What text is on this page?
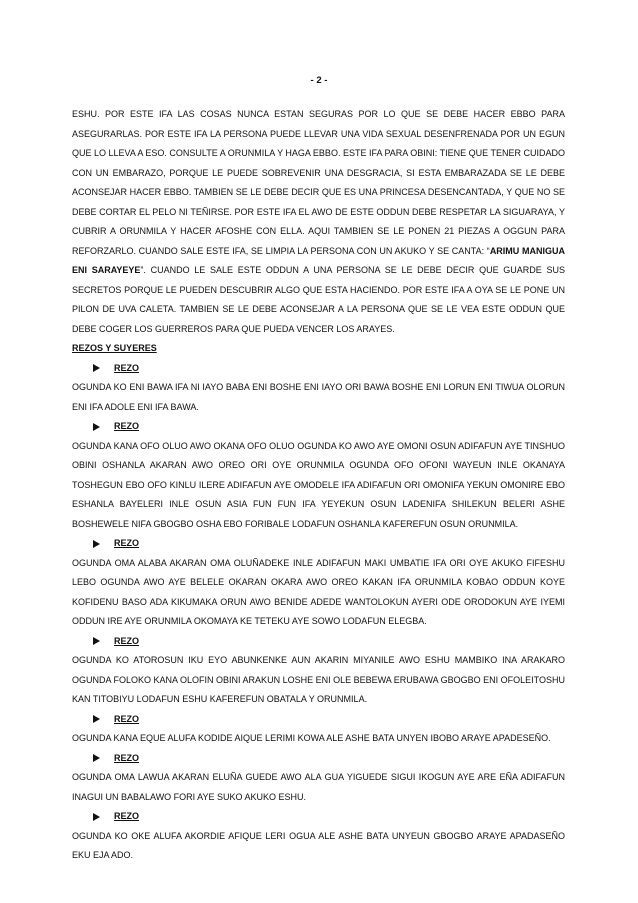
- 2 -

ESHU. POR ESTE IFA LAS COSAS NUNCA ESTAN SEGURAS POR LO QUE SE DEBE HACER EBBO PARA ASEGURARLAS. POR ESTE IFA LA PERSONA PUEDE LLEVAR UNA VIDA SEXUAL DESENFRENADA POR UN EGUN QUE LO LLEVA A ESO. CONSULTE A ORUNMILA Y HAGA EBBO. ESTE IFA PARA OBINI: TIENE QUE TENER CUIDADO CON UN EMBARAZO, PORQUE LE PUEDE SOBREVENIR UNA DESGRACIA, SI ESTA EMBARAZADA SE LE DEBE ACONSEJAR HACER EBBO. TAMBIEN SE LE DEBE DECIR QUE ES UNA PRINCESA DESENCANTADA, Y QUE NO SE DEBE CORTAR EL PELO NI TEÑIRSE. POR ESTE IFA EL AWO DE ESTE ODDUN DEBE RESPETAR LA SIGUARAYA, Y CUBRIR A ORUNMILA Y HACER AFOSHE CON ELLA. AQUI TAMBIEN SE LE PONEN 21 PIEZAS A OGGUN PARA REFORZARLO. CUANDO SALE ESTE IFA, SE LIMPIA LA PERSONA CON UN AKUKO Y SE CANTA: “ARIMU MANIGUA ENI SARAYEYE”. CUANDO LE SALE ESTE ODDUN A UNA PERSONA SE LE DEBE DECIR QUE GUARDE SUS SECRETOS PORQUE LE PUEDEN DESCUBRIR ALGO QUE ESTA HACIENDO. POR ESTE IFA A OYA SE LE PONE UN PILON DE UVA CALETA. TAMBIEN SE LE DEBE ACONSEJAR A LA PERSONA QUE SE LE VEA ESTE ODDUN QUE DEBE COGER LOS GUERREROS PARA QUE PUEDA VENCER LOS ARAYES.

REZOS Y SUYERES

REZO

OGUNDA KO ENI BAWA IFA NI IAYO BABA ENI BOSHE ENI IAYO ORI BAWA BOSHE ENI LORUN ENI TIWUA OLORUN ENI IFA ADOLE ENI IFA BAWA.

REZO

OGUNDA KANA OFO OLUO AWO OKANA OFO OLUO OGUNDA KO AWO AYE OMONI OSUN ADIFAFUN AYE TINSHUO OBINI OSHANLA AKARAN AWO OREO ORI OYE ORUNMILA OGUNDA OFO OFONI WAYEUN INLE OKANAYA TOSHEGUN EBO OFO KINLU ILERE ADIFAFUN AYE OMODELE IFA ADIFAFUN ORI OMONIFA YEKUN OMONIRE EBO ESHANLA BAYELERI INLE OSUN ASIA FUN FUN IFA YEYEKUN OSUN LADENIFA SHILEKUN BELERI ASHE BOSHEWELE NIFA GBOGBO OSHA EBO FORIBALE LODAFUN OSHANLA KAFEREFUN OSUN ORUNMILA.

REZO

OGUNDA OMA ALABA AKARAN OMA OLUÑADEKE INLE ADIFAFUN MAKI UMBATIE IFA ORI OYE AKUKO FIFESHU LEBO OGUNDA AWO AYE BELELE OKARAN OKARA AWO OREO KAKAN IFA ORUNMILA KOBAO ODDUN KOYE KOFIDENU BASO ADA KIKUMAKA ORUN AWO BENIDE ADEDE WANTOLOKUN AYERI ODE ORODOKUN AYE IYEMI ODDUN IRE AYE ORUNMILA OKOMAYA KE TETEKU AYE SOWO LODAFUN ELEGBA.

REZO

OGUNDA KO ATOROSUN IKU EYO ABUNKENKE AUN AKARIN MIYANILE AWO ESHU MAMBIKO INA ARAKARO OGUNDA FOLOKO KANA OLOFIN OBINI ARAKUN LOSHE ENI OLE BEBEWA ERUBAWA GBOGBO ENI OFOLEITOSHU KAN TITOBIYU LODAFUN ESHU KAFEREFUN OBATALA Y ORUNMILA.

REZO

OGUNDA KANA EQUE ALUFA KODIDE AIQUE LERIMI KOWA ALE ASHE BATA UNYEN IBOBO ARAYE APADESEÑO.

REZO

OGUNDA OMA LAWUA AKARAN ELUÑA GUEDE AWO ALA GUA YIGUEDE SIGUI IKOGUN AYE ARE EÑA ADIFAFUN INAGUI UN BABALAWO FORI AYE SUKO AKUKO ESHU.

REZO

OGUNDA KO OKE ALUFA AKORDIE AFIQUE LERI OGUA ALE ASHE BATA UNYEUN GBOGBO ARAYE APADASEÑO EKU EJA ADO.
